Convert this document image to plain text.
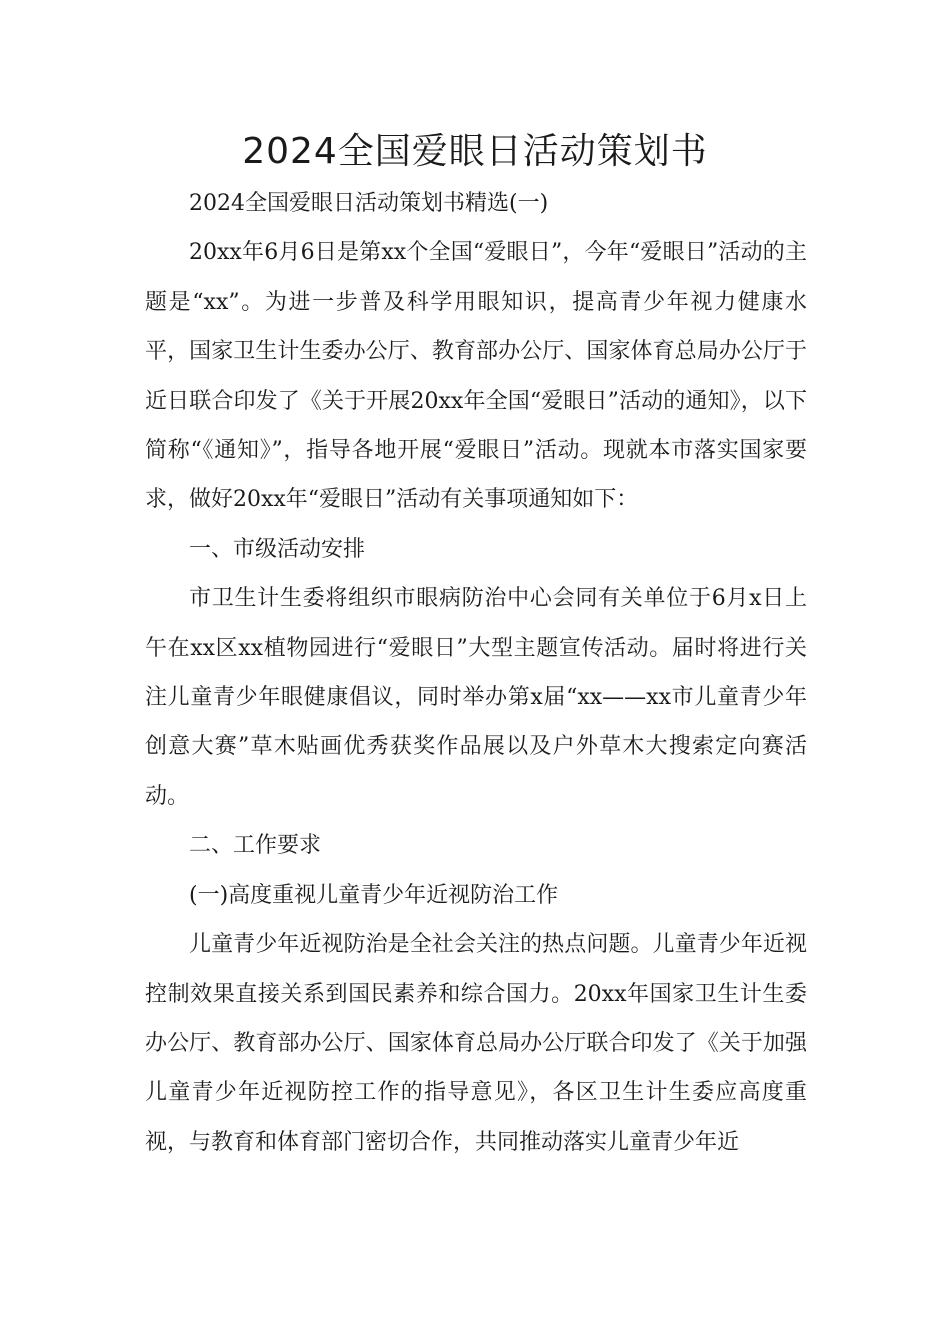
2024全国爱眼日活动策划书

2024全国爱眼日活动策划书精选(一)

20xx年6月6日是第xx个全国“爱眼日”，今年“爱眼日”活动的主题是“xx”。为进一步普及科学用眼知识，提高青少年视力健康水平，国家卫生计生委办公厅、教育部办公厅、国家体育总局办公厅于近日联合印发了《关于开展20xx年全国“爱眼日”活动的通知》，以下简称“《通知》”，指导各地开展“爱眼日”活动。现就本市落实国家要求，做好20xx年“爱眼日”活动有关事项通知如下：

一、市级活动安排

市卫生计生委将组织市眼病防治中心会同有关单位于6月x日上午在xx区xx植物园进行“爱眼日”大型主题宣传活动。届时将进行关注儿童青少年眼健康倡议，同时举办第x届“xx——xx市儿童青少年创意大赛”草木贴画优秀获奖作品展以及户外草木大搜索定向赛活动。

二、工作要求

(一)高度重视儿童青少年近视防治工作

儿童青少年近视防治是全社会关注的热点问题。儿童青少年近视控制效果直接关系到国民素养和综合国力。20xx年国家卫生计生委办公厅、教育部办公厅、国家体育总局办公厅联合印发了《关于加强儿童青少年近视防控工作的指导意见》，各区卫生计生委应高度重视，与教育和体育部门密切合作，共同推动落实儿童青少年近
